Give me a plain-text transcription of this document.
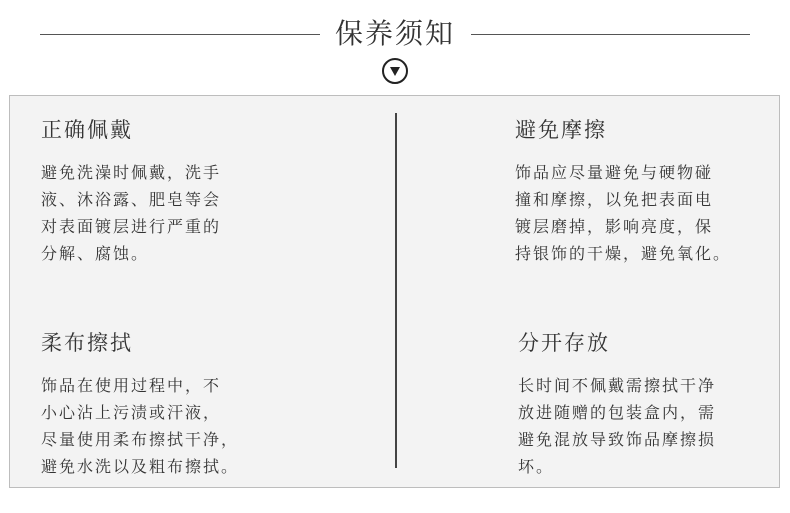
保养须知
正确佩戴
避免洗澡时佩戴，洗手
液、沐浴露、肥皂等会
对表面镀层进行严重的
分解、腐蚀。
避免摩擦
饰品应尽量避免与硬物碰
撞和摩擦，以免把表面电
镀层磨掉，影响亮度，保
持银饰的干燥，避免氧化。
柔布擦拭
饰品在使用过程中，不
小心沾上污渍或汗液，
尽量使用柔布擦拭干净，
避免水洗以及粗布擦拭。
分开存放
长时间不佩戴需擦拭干净
放进随赠的包装盒内，需
避免混放导致饰品摩擦损
坏。
